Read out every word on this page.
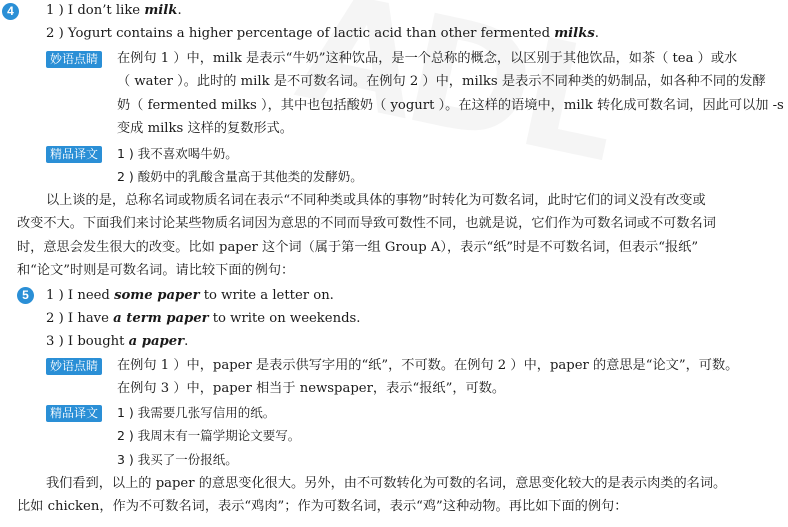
4	1 ) I don’t like milk.
2 ) Yogurt contains a higher percentage of lactic acid than other fermented milks.
妙语点睛	在例句 1 ）中，milk 是表示“牛奶”这种饮品，是一个总称的概念，以区别于其他饮品，如茶（ tea ）或水
（ water ）。此时的 milk 是不可数名词。在例句 2 ）中，milks 是表示不同种类的奶制品，如各种不同的发酵
奶（ fermented milks ），其中也包括酸奶（ yogurt ）。在这样的语境中，milk 转化成可数名词，因此可以加 -s
变成 milks 这样的复数形式。
精品译文	1 ) 我不喜欢喝牛奶。
2 ) 酸奶中的乳酸含量高于其他类的发酵奶。
以上谈的是，总称名词或物质名词在表示“不同种类或具体的事物”时转化为可数名词，此时它们的词义没有改变或
改变不大。下面我们来讨论某些物质名词因为意思的不同而导致可数性不同，也就是说，它们作为可数名词或不可数名词
时，意思会发生很大的改变。比如 paper 这个词（属于第一组 Group A），表示“纸”时是不可数名词，但表示“报纸”
和“论文”时则是可数名词。请比较下面的例句：
5	1 ) I need some paper to write a letter on.
2 ) I have a term paper to write on weekends.
3 ) I bought a paper.
妙语点睛	在例句 1 ）中，paper 是表示供写字用的“纸”，不可数。在例句 2 ）中，paper 的意思是“论文”，可数。
在例句 3 ）中，paper 相当于 newspaper，表示“报纸”，可数。
精品译文	1 ) 我需要几张写信用的纸。
2 ) 我周末有一篇学期论文要写。
3 ) 我买了一份报纸。
我们看到，以上的 paper 的意思变化很大。另外，由不可数转化为可数的名词，意思变化较大的是表示肉类的名词。
比如 chicken，作为不可数名词，表示“鸡肉”；作为可数名词，表示“鸡”这种动物。再比如下面的例句：
